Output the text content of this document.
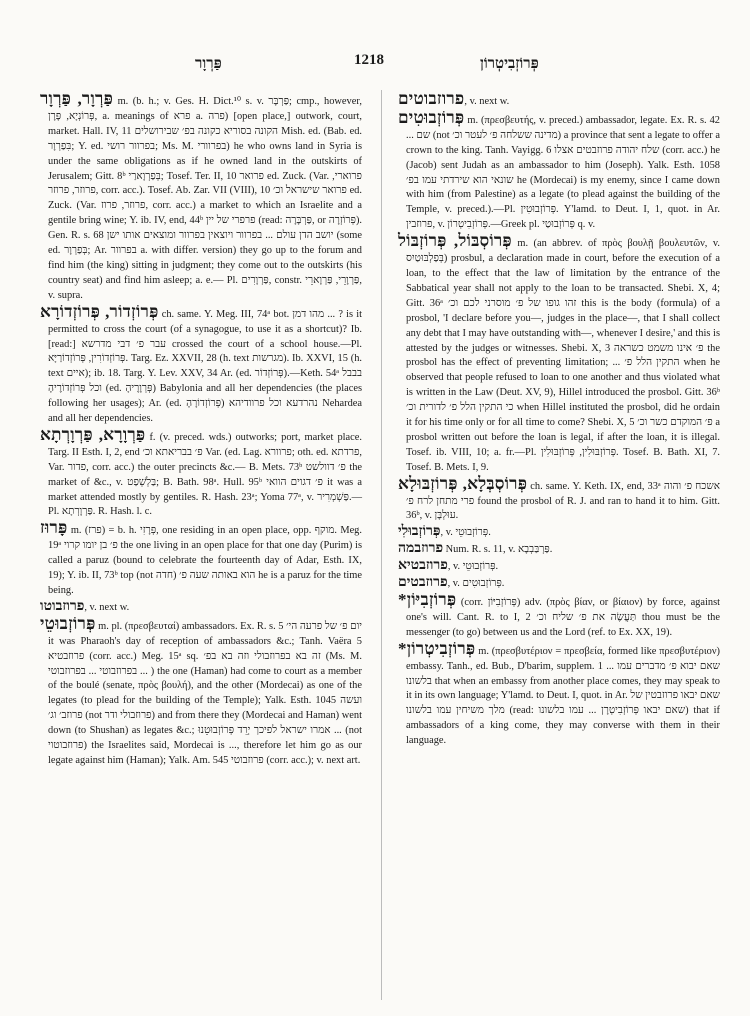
פַּרְוָר	1218	פְּרוֹזְבִיטְרוֹן

פַּרְוָר, פַּרְוָר m. (b. h.; v. Ges. H. Dict.¹⁰ s. v. פַּרְבָּר; cmp., however, פְּרוֹנְיָא, פָּרָן, a. meanings of פרא a. פרה) [open place,] outwork, court, market. Hall. IV, 11 הקונה בסוריא כקונה בפ׳ שבירושלים Mish. ed. (Bab. ed. בִּפַרְוָר; Y. ed. בפרוור רושי; Ms. M. בפרוורי) he who owns land in Syria is under the same obligations as if he owned land in the outskirts of Jerusalem; Gitt. 8ᵇ בְּפַרְוָארַי; Tosef. Ter. II, 10 פרואר ed. Zuck. (Var. פרוארי, פרוזר, פרוזר, corr. acc.). Tosef. Ab. Zar. VII (VIII), 10 פרואר שישראל וכ׳ ed. Zuck. (Var. פרוזר, פרוז, corr. acc.) a market to which an Israelite and a gentile bring wine; Y. ib. IV, end, 44ᵇ פרפרי של יין (read: פַּרְבָּרָה, or פְּרוֹזְרָה). Gen. R. s. 68 יושב הדן עולם ... בפרוור ויוצאין בפרוור ומוצאים אותו ישן (some ed. בְּפַרְוָר; Ar. בפרוור a. with differ. version) they go up to the forum and find him (the king) sitting in judgment; they come out to the outskirts (his country seat) and find him asleep; a. e.— Pl. פַּרְוָרִים, constr. פַּרְוָרֵי, פַּרְוָארֵי, v. supra.

פְּרוֹזְדוֹר, פְּרוֹזְדוֹרָא ch. same. Y. Meg. III, 74ᵃ bot. מהו דמן ... ? is it permitted to cross the court (of a synagogue, to use it as a shortcut)? Ib. [read:] עבר פ׳ דבי מדרשא crossed the court of a school house.—Pl. פְּרוֹזְדוֹרִין, פְּרוֹזְדוֹרַיָּא. Targ. Ez. XXVII, 28 (h. text מגרשות). Ib. XXVI, 15 (h. text איים); ib. 18. Targ. Y. Lev. XXV, 34 Ar. (ed. פְּרוֹזְדוֹר).—Keth. 54ᵃ בבבל וכל פְּרוֹזְדוֹרֶיהָ (ed. פְּרְוָרֶיהָ) Babylonia and all her dependencies (the places following her usages); Ar. (ed. פְּרוֹזְדוֹרָהָ) נהרדעא וכל פרוודיהא Nehardea and all her dependencies.

פַּרְוָרָא, פַּרְוָרְתָא f. (v. preced. wds.) outworks; port, market place. Targ. II Esth. I, 2, end פ׳ בבריאתא וכ׳ Var. (ed. Lag. פרוורא; oth. ed. פרדתא, Var. פדור, corr. acc.) the outer precincts &c.— B. Mets. 73ᵇ פ׳ דוולשט the market of &c., v. בַּלְשְׁפַט; B. Bath. 98ᵃ. Hull. 95ᵇ פ׳ דגוים הוואי it was a market attended mostly by gentiles. R. Hash. 23ᵃ; Yoma 77ᵃ, v. פַּשְׁמְרִיר.—Pl. פַּרְוָרְתָא. R. Hash. l. c.

פָּרוּז m. (פרז) = b. h. פְּרָזִי, one residing in an open place, opp. מוקף. Meg. 19ᵃ פ׳ בן יומו קרוי the one living in an open place for that one day (Purim) is called a paruz (bound to celebrate the fourteenth day of Adar, Esth. IX, 19); Y. ib. II, 73ᵇ top (not חדה) הוא באותה שעה פ׳ he is a paruz for the time being.

פרוזבוטו, v. next w.

פְּרוֹזְבוּטֵי m. pl. (πρεσβευταί) ambassadors. Ex. R. s. 5 יום פ׳ של פרעה הי׳ it was Pharaoh's day of reception of ambassadors &c.; Tanh. Vaëra 5 פרוזבטיא (corr. acc.) Meg. 15ᵃ sq. זה בא בפרוזבולי וזה בא בפ׳ (Ms. M. בפרוזבוטי ... בפרוזבוטי ... ) the one (Haman) had come to court as a member of the boulé (senate, πρὸς βουλή), and the other (Mordecai) as one of the legates (to plead for the building of the Temple); Yalk. Esth. 1045 ועשה פרוזב׳ וג׳ (not פרוזבולי ודר) and from there they (Mordecai and Haman) went down (to Shushan) as legates &c.; אמרו ישראל לפיכך יְרֵד פְּרוֹזְבוּטֵנוּ ... (not פרוזבוטוי) the Israelites said, Mordecai is ..., therefore let him go as our legate against him (Haman); Yalk. Am. 545 פרוזבוטי (corr. acc.); v. next art.

פרוזבוטים, v. next w.

פְּרוֹזְבוּטִים m. (πρεσβευτής, v. preced.) ambassador, legate. Ex. R. s. 42 ... שם (not מדינה ששלחה פ׳ לעטר וכ׳) a province that sent a legate to offer a crown to the king. Tanh. Vayigg. 6 שלח יהודה פרוזבטים אצלו (corr. acc.) he (Jacob) sent Judah as an ambassador to him (Joseph). Yalk. Esth. 1058 שונאי הוא שירדתי עמו בפ׳ he (Mordecai) is my enemy, since I came down with him (from Palestine) as a legate (to plead against the building of the Temple, v. preced.).—Pl. פְּרוֹזְבוּטִין. Y'lamd. to Deut. I, 1, quot. in Ar. פרוזבין, v. פְּרוֹזְבִיטְרוֹן.—Greek pl. פְּרוֹזְבוּטַי q. v.

פְּרוֹסְבּוֹל, פְּרוֹזְבּוֹל m. (an abbrev. of πρὸς βουλῇ βουλευτῶν, v. בְּפַלְבּוּטַיִס) prosbul, a declaration made in court, before the execution of a loan, to the effect that the law of limitation by the entrance of the Sabbatical year shall not apply to the loan to be transacted. Shebi. X, 4; Gitt. 36ᵃ זהו גופו של פ׳ מוסרני לכם וכ׳ this is the body (formula) of a prosbol, 'I declare before you—, judges in the place—, that I shall collect any debt that I may have outstanding with—, whenever I desire,' and this is attested by the judges or witnesses. Shebi. X, 3 פ׳ אינו משמט כשראה the prosbol has the effect of preventing limitation; ... התקין הלל פ׳ when he observed that people refused to loan to one another and thus violated what is written in the Law (Deut. XV, 9), Hillel introduced the prosbol. Gitt. 36ᵇ כי התקין הלל פ׳ לדורית וכ׳ when Hillel instituted the prosbol, did he ordain it for his time only or for all time to come? Shebi. X, 5 פ׳ המוקדם כשר וכ׳ a prosbol written out before the loan is legal, if after the loan, it is illegal. Tosef. ib. VIII, 10; a. fr.—Pl. פְּרוֹזְבּוּלִין, פְּרוֹזְבּוּלִין. Tosef. B. Bath. XI, 7. Tosef. B. Mets. I, 9.

פְּרוֹסְבְּלָא, פְּרוֹזְבּוּלָא ch. same. Y. Keth. IX, end, 33ᵃ אשכח פ׳ והוה פרי מתחן לרח פ׳ found the prosbol of R. J. and ran to hand it to him. Gitt. 36ᵇ, v. עוּלְבָּן.

פְּרוֹזְבוּלִי, v. פְּרוֹזְבוּטֵי.

פרוזבמה Num. R. s. 11, v. פַּרְבַּבְבָא.

פרוזבטיא, v. פְּרוֹזְבוּטֵי.

פרוזבטים, v. פְּרוֹזְבוּטִים.

*פְּרוֹזְבִיּוֹן (corr. פְּרוֹזְבִיּוֹן) adv. (πρὸς βίαν, or βίαιον) by force, against one's will. Cant. R. to I, 2 תַּעֲשֶׂה את פ׳ שליח וכ׳ thou must be the messenger (to go) between us and the Lord (ref. to Ex. XX, 19).

*פְּרוֹזְבִיטְרוֹן m. (πρεσβυτέριον = πρεσβεία, formed like πρεσβυτέριον) embassy. Tanh., ed. Bub., D'barim, supplem. 1 ... שאם יבוא פ׳ מדברים עמו בלשונו that when an embassy from another place comes, they may speak to it in its own language; Y'lamd. to Deut. I, quot. in Ar. שאם יבאו פרוזבטין של מלך משיחין עמו בלשונו (read: שאם יבאו פְּרוֹזְבִיטְרָן ... עמו בלשונו) that if ambassadors of a king come, they may converse with them in their language.
